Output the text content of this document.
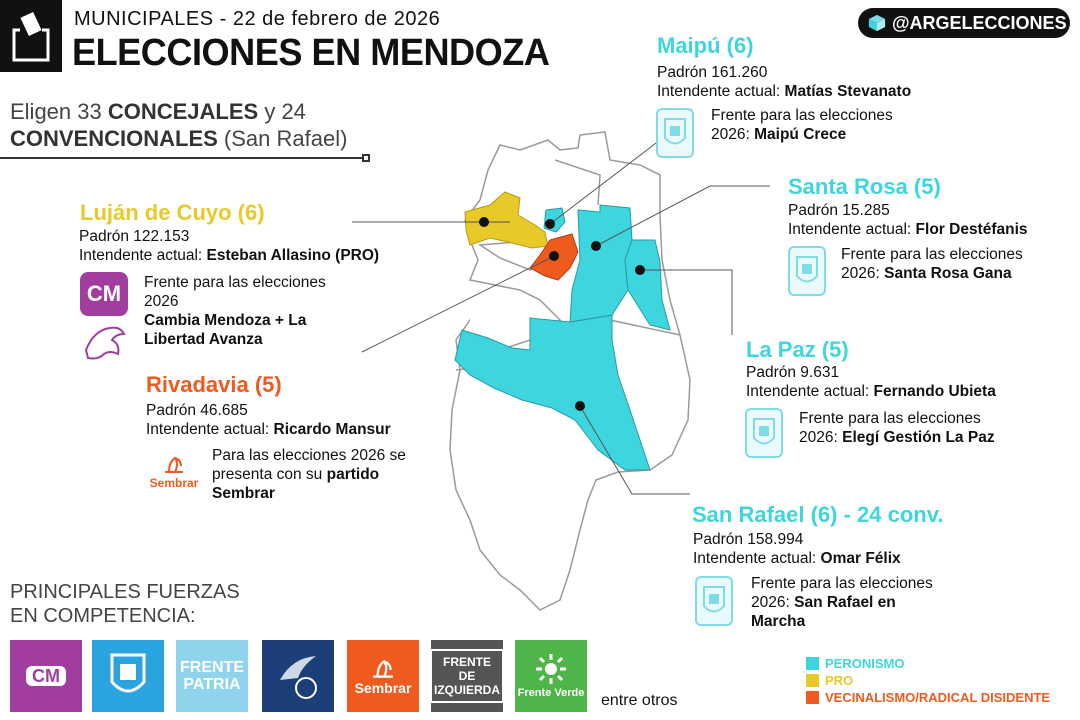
MUNICIPALES - 22 de febrero de 2026
ELECCIONES EN MENDOZA
@ARGELECCIONES
Eligen 33 CONCEJALES y 24
CONVENCIONALES (San Rafael)
Maipú (6)
Padrón 161.260
Intendente actual: Matías Stevanato
Frente para las elecciones 2026: Maipú Crece
Santa Rosa (5)
Padrón 15.285
Intendente actual: Flor Destéfanis
Frente para las elecciones 2026: Santa Rosa Gana
Luján de Cuyo (6)
Padrón 122.153
Intendente actual: Esteban Allasino (PRO)
CM Frente para las elecciones 2026
Cambia Mendoza + La Libertad Avanza
Rivadavia (5)
Padrón 46.685
Intendente actual: Ricardo Mansur
Sembrar
Para las elecciones 2026 se presenta con su partido
Sembrar
La Paz (5)
Padrón 9.631
Intendente actual: Fernando Ubieta
Frente para las elecciones 2026: Elegí Gestión La Paz
San Rafael (6) - 24 conv.
Padrón 158.994
Intendente actual: Omar Félix
Frente para las elecciones 2026: San Rafael en Marcha
PRINCIPALES FUERZAS EN COMPETENCIA:
CM	FRENTE PATRIA	Sembrar
FRENTE DE IZQUIERDA	Frente Verde entre otros
PERONISMO
PRO
VECINALISMO/RADICAL DISIDENTE
